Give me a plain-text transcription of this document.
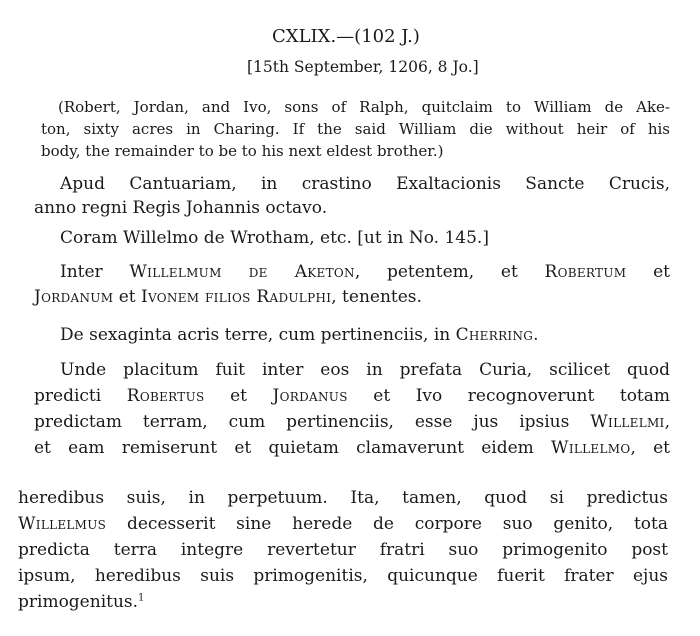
CXLIX.—(102 J.)
[15th September, 1206, 8 Jo.]
(Robert, Jordan, and Ivo, sons of Ralph, quitclaim to William de Ake-
ton, sixty acres in Charing. If the said William die without heir of his
body, the remainder to be to his next eldest brother.)
Apud Cantuariam, in crastino Exaltacionis Sancte Crucis,
anno regni Regis Johannis octavo.
Coram Willelmo de Wrotham, etc. [ut in No. 145.]
Inter Willelmum de Aketon, petentem, et Robertum et
Jordanum et Ivonem filios Radulphi, tenentes.
De sexaginta acris terre, cum pertinenciis, in Cherring.
Unde placitum fuit inter eos in prefata Curia, scilicet quod
predicti Robertus et Jordanus et Ivo recognoverunt totam
predictam terram, cum pertinenciis, esse jus ipsius Willelmi,
et eam remiserunt et quietam clamaverunt eidem Willelmo, et
heredibus suis, in perpetuum. Ita, tamen, quod si predictus
Willelmus decesserit sine herede de corpore suo genito, tota
predicta terra integre revertetur fratri suo primogenito post
ipsum, heredibus suis primogenitis, quicunque fuerit frater ejus
primogenitus.$^1$
